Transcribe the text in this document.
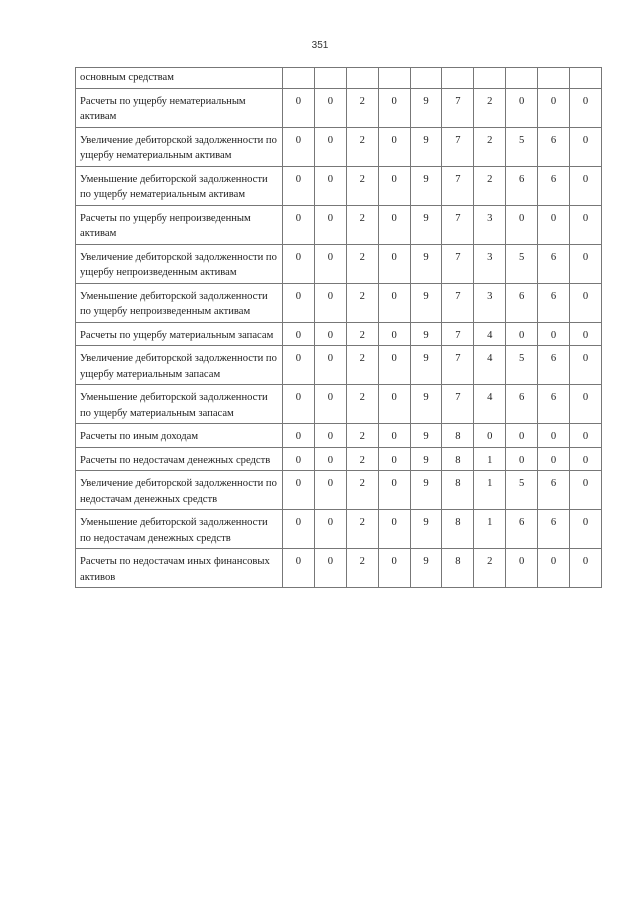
351
основным средствам										
Расчеты по ущербу нематериальным активам	0	0	2	0	9	7	2	0	0	0
Увеличение дебиторской задолженности по ущербу нематериальным активам	0	0	2	0	9	7	2	5	6	0
Уменьшение дебиторской задолженности по ущербу нематериальным активам	0	0	2	0	9	7	2	6	6	0
Расчеты по ущербу непроизведенным активам	0	0	2	0	9	7	3	0	0	0
Увеличение дебиторской задолженности по ущербу непроизведенным активам	0	0	2	0	9	7	3	5	6	0
Уменьшение дебиторской задолженности по ущербу непроизведенным активам	0	0	2	0	9	7	3	6	6	0
Расчеты по ущербу материальным запасам	0	0	2	0	9	7	4	0	0	0
Увеличение дебиторской задолженности по ущербу материальным запасам	0	0	2	0	9	7	4	5	6	0
Уменьшение дебиторской задолженности по ущербу материальным запасам	0	0	2	0	9	7	4	6	6	0
Расчеты по иным доходам	0	0	2	0	9	8	0	0	0	0
Расчеты по недостачам денежных средств	0	0	2	0	9	8	1	0	0	0
Увеличение дебиторской задолженности по недостачам денежных средств	0	0	2	0	9	8	1	5	6	0
Уменьшение дебиторской задолженности по недостачам денежных средств	0	0	2	0	9	8	1	6	6	0
Расчеты по недостачам иных финансовых активов	0	0	2	0	9	8	2	0	0	0
